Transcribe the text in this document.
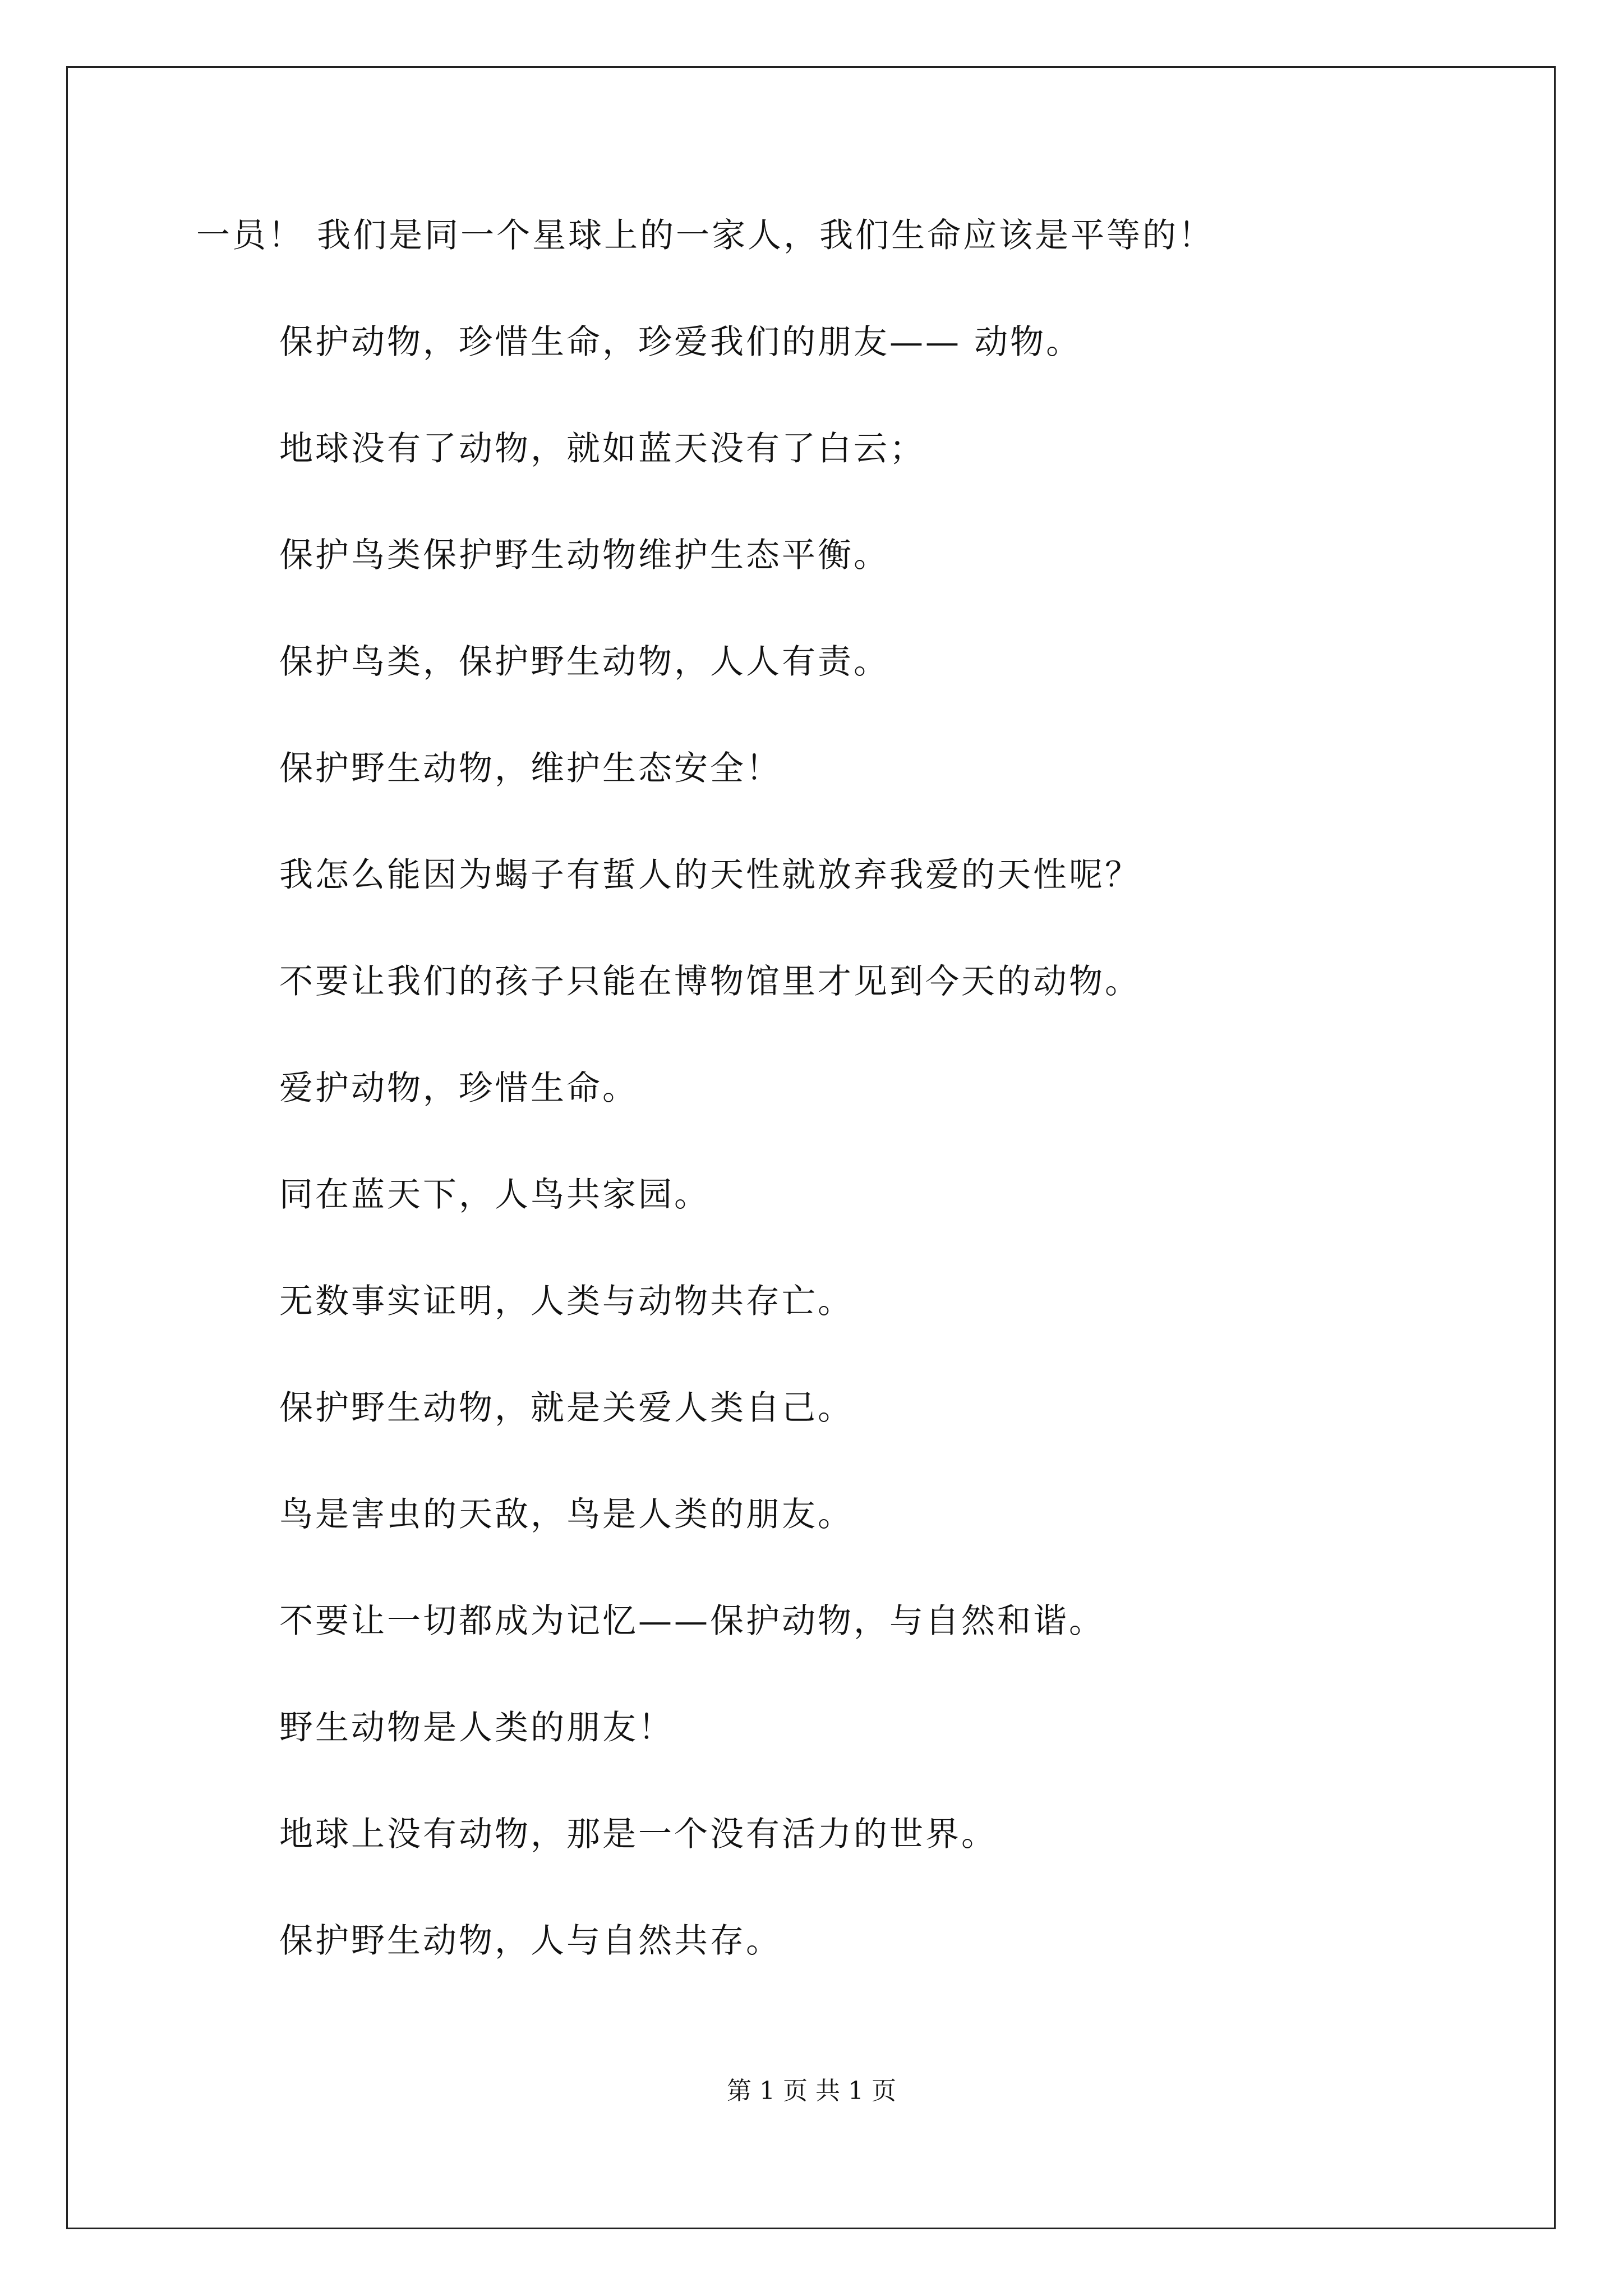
一员！ 我们是同一个星球上的一家人，我们生命应该是平等的！
保护动物，珍惜生命，珍爱我们的朋友—— 动物。
地球没有了动物，就如蓝天没有了白云；
保护鸟类保护野生动物维护生态平衡。
保护鸟类，保护野生动物，人人有责。
保护野生动物，维护生态安全！
我怎么能因为蝎子有蜇人的天性就放弃我爱的天性呢？
不要让我们的孩子只能在博物馆里才见到今天的动物。
爱护动物，珍惜生命。
同在蓝天下，人鸟共家园。
无数事实证明，人类与动物共存亡。
保护野生动物，就是关爱人类自己。
鸟是害虫的天敌，鸟是人类的朋友。
不要让一切都成为记忆——保护动物，与自然和谐。
野生动物是人类的朋友！
地球上没有动物，那是一个没有活力的世界。
保护野生动物，人与自然共存。
第 1 页 共 1 页
